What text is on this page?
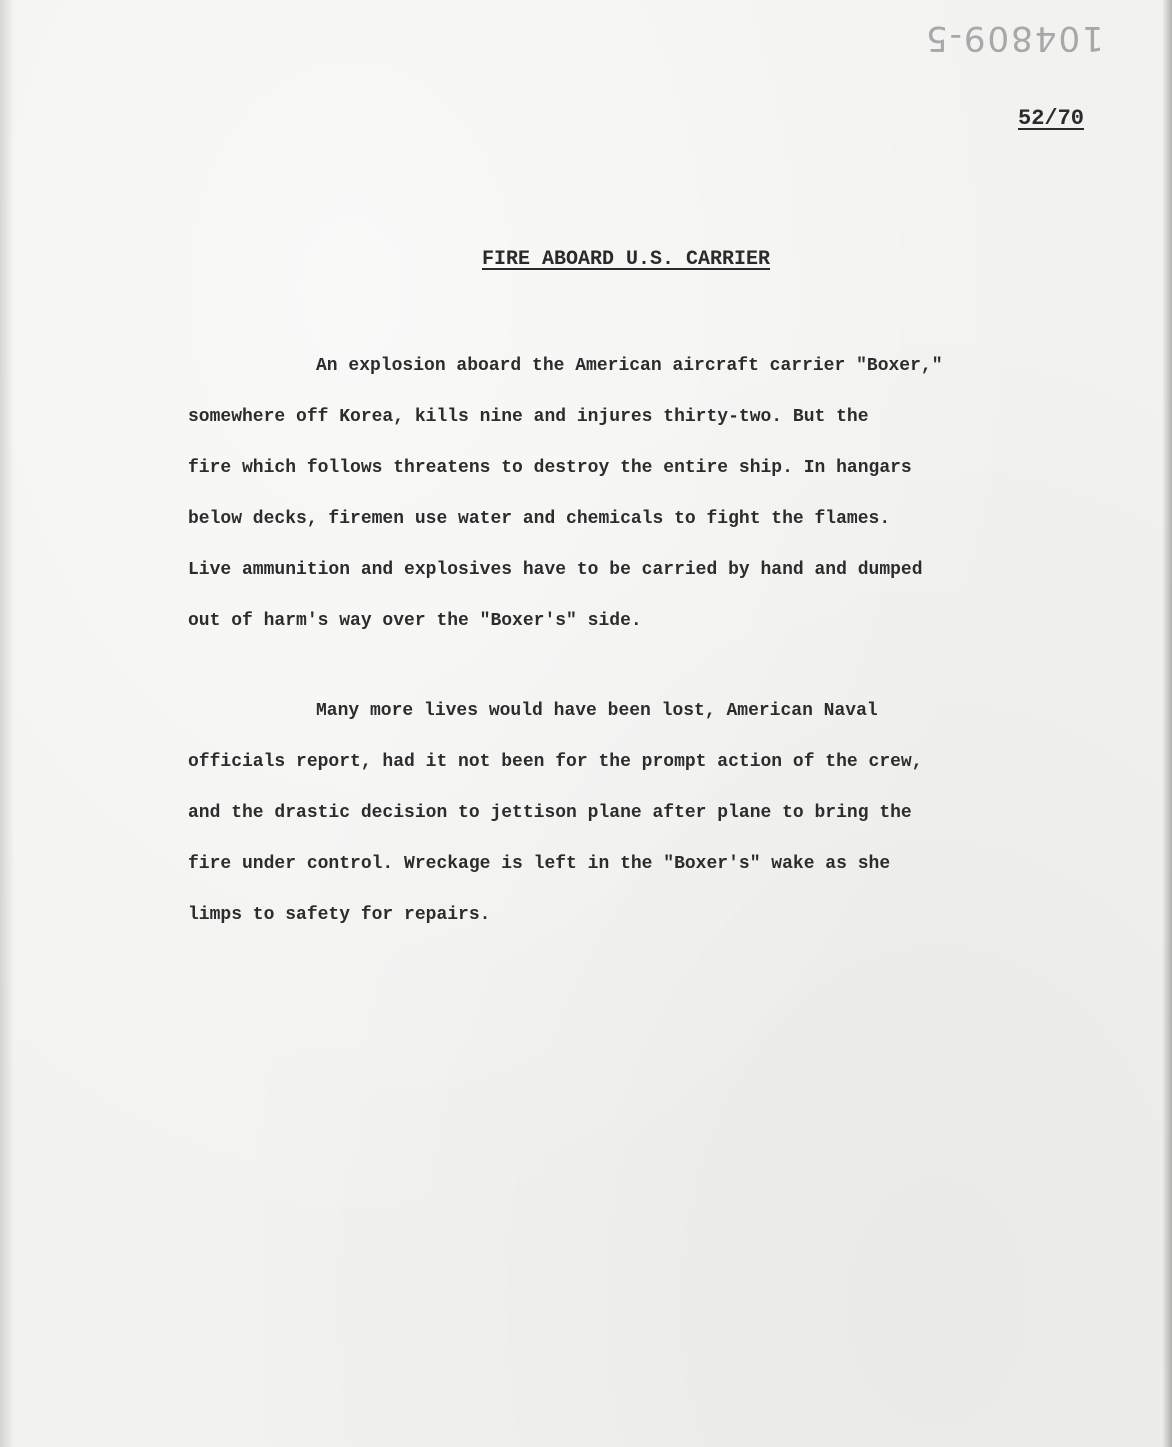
104809-5
52/70
FIRE ABOARD U.S. CARRIER
An explosion aboard the American aircraft carrier "Boxer,"
somewhere off Korea, kills nine and injures thirty-two. But the
fire which follows threatens to destroy the entire ship. In hangars
below decks, firemen use water and chemicals to fight the flames.
Live ammunition and explosives have to be carried by hand and dumped
out of harm's way over the "Boxer's" side.
Many more lives would have been lost, American Naval
officials report, had it not been for the prompt action of the crew,
and the drastic decision to jettison plane after plane to bring the
fire under control. Wreckage is left in the "Boxer's" wake as she
limps to safety for repairs.
